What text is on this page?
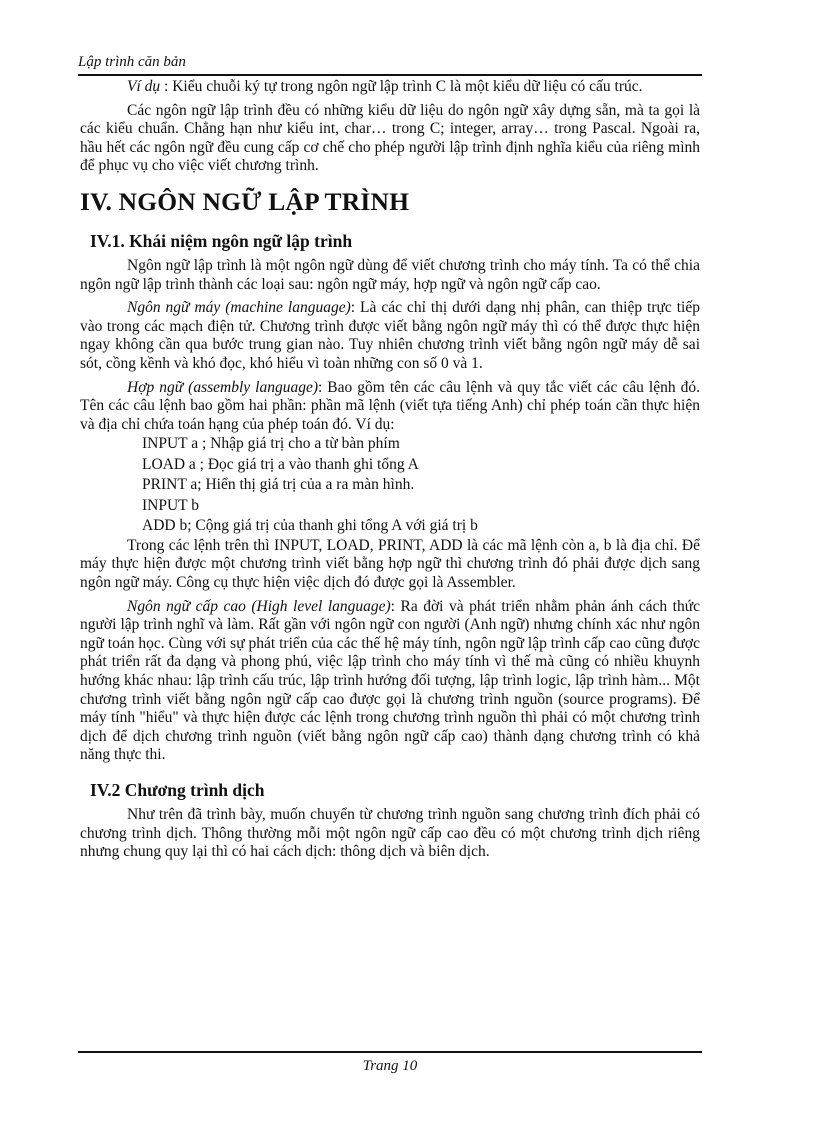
Lập trình căn bản

Ví dụ : Kiểu chuỗi ký tự trong ngôn ngữ lập trình C là một kiểu dữ liệu có cấu trúc.

Các ngôn ngữ lập trình đều có những kiểu dữ liệu do ngôn ngữ xây dựng sẵn, mà ta gọi là các kiểu chuẩn. Chẳng hạn như kiểu int, char… trong C; integer, array… trong Pascal. Ngoài ra, hầu hết các ngôn ngữ đều cung cấp cơ chế cho phép người lập trình định nghĩa kiểu của riêng mình để phục vụ cho việc viết chương trình.

IV. NGÔN NGỮ LẬP TRÌNH
IV.1. Khái niệm ngôn ngữ lập trình

Ngôn ngữ lập trình là một ngôn ngữ dùng để viết chương trình cho máy tính. Ta có thể chia ngôn ngữ lập trình thành các loại sau: ngôn ngữ máy, hợp ngữ và ngôn ngữ cấp cao.

Ngôn ngữ máy (machine language): Là các chỉ thị dưới dạng nhị phân, can thiệp trực tiếp vào trong các mạch điện tử. Chương trình được viết bằng ngôn ngữ máy thì có thể được thực hiện ngay không cần qua bước trung gian nào. Tuy nhiên chương trình viết bằng ngôn ngữ máy dễ sai sót, cồng kềnh và khó đọc, khó hiểu vì toàn những con số 0 và 1.

Hợp ngữ (assembly language): Bao gồm tên các câu lệnh và quy tắc viết các câu lệnh đó. Tên các câu lệnh bao gồm hai phần: phần mã lệnh (viết tựa tiếng Anh) chỉ phép toán cần thực hiện và địa chỉ chứa toán hạng của phép toán đó. Ví dụ:

INPUT a ; Nhập giá trị cho a từ bàn phím
LOAD a ; Đọc giá trị a vào thanh ghi tổng A
PRINT a; Hiển thị giá trị của a ra màn hình.
INPUT b
ADD b; Cộng giá trị của thanh ghi tổng A với giá trị b

Trong các lệnh trên thì INPUT, LOAD, PRINT, ADD là các mã lệnh còn a, b là địa chỉ. Để máy thực hiện được một chương trình viết bằng hợp ngữ thì chương trình đó phải được dịch sang ngôn ngữ máy. Công cụ thực hiện việc dịch đó được gọi là Assembler.

Ngôn ngữ cấp cao (High level language): Ra đời và phát triển nhằm phản ánh cách thức người lập trình nghĩ và làm. Rất gần với ngôn ngữ con người (Anh ngữ) nhưng chính xác như ngôn ngữ toán học. Cùng với sự phát triển của các thế hệ máy tính, ngôn ngữ lập trình cấp cao cũng được phát triển rất đa dạng và phong phú, việc lập trình cho máy tính vì thế mà cũng có nhiều khuynh hướng khác nhau: lập trình cấu trúc, lập trình hướng đối tượng, lập trình logic, lập trình hàm... Một chương trình viết bằng ngôn ngữ cấp cao được gọi là chương trình nguồn (source programs). Để máy tính "hiểu" và thực hiện được các lệnh trong chương trình nguồn thì phải có một chương trình dịch để dịch chương trình nguồn (viết bằng ngôn ngữ cấp cao) thành dạng chương trình có khả năng thực thi.

IV.2 Chương trình dịch

Như trên đã trình bày, muốn chuyển từ chương trình nguồn sang chương trình đích phải có chương trình dịch. Thông thường mỗi một ngôn ngữ cấp cao đều có một chương trình dịch riêng nhưng chung quy lại thì có hai cách dịch: thông dịch và biên dịch.

Trang 10
